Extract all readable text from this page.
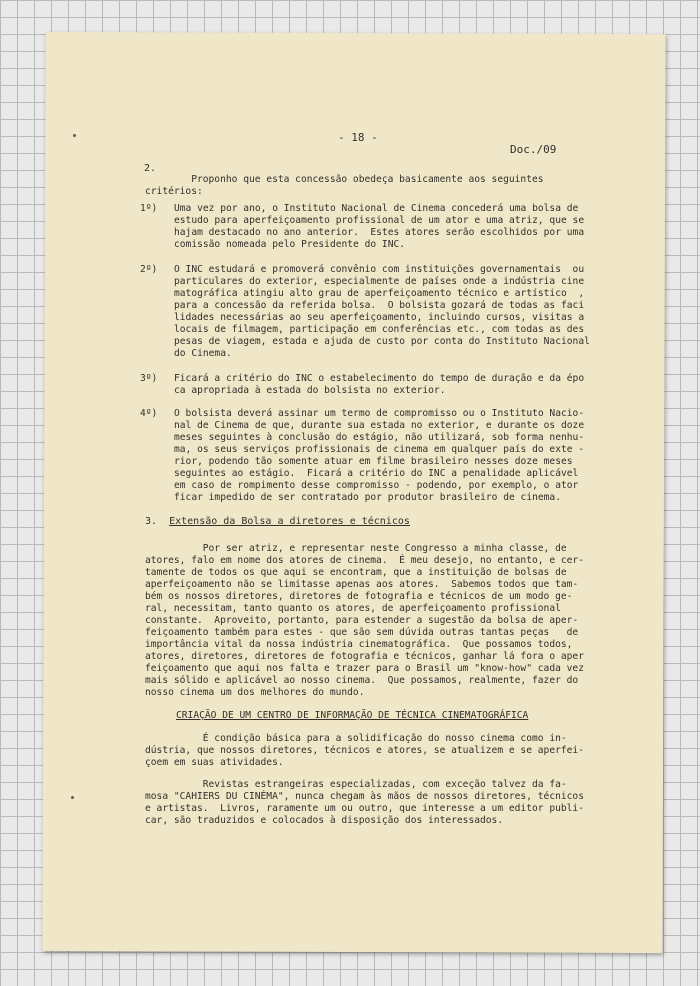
- 18 -
Doc./09
2.
Proponho que esta concessão obedeça basicamente aos seguintes
critérios:
1º) Uma vez por ano, o Instituto Nacional de Cinema concederá uma bolsa de
estudo para aperfeiçoamento profissional de um ator e uma atriz, que se
hajam destacado no ano anterior.  Estes atores serão escolhidos por uma
comissão nomeada pelo Presidente do INC.
2º) O INC estudará e promoverá convênio com instituições governamentais  ou
particulares do exterior, especialmente de países onde a indústria cine
matográfica atingiu alto grau de aperfeiçoamento técnico e artístico  ,
para a concessão da referida bolsa.  O bolsista gozará de todas as faci
lidades necessárias ao seu aperfeiçoamento, incluindo cursos, visitas a
locais de filmagem, participação em conferências etc., com todas as des
pesas de viagem, estada e ajuda de custo por conta do Instituto Nacional
do Cinema.
3º) Ficará a critério do INC o estabelecimento do tempo de duração e da épo
ca apropriada à estada do bolsista no exterior.
4º) O bolsista deverá assinar um termo de compromisso ou o Instituto Nacio-
nal de Cinema de que, durante sua estada no exterior, e durante os doze
meses seguintes à conclusão do estágio, não utilizará, sob forma nenhu-
ma, os seus serviços profissionais de cinema em qualquer país do exte -
rior, podendo tão somente atuar em filme brasileiro nesses doze meses
seguintes ao estágio.  Ficará a critério do INC a penalidade aplicável
em caso de rompimento desse compromisso - podendo, por exemplo, o ator
ficar impedido de ser contratado por produtor brasileiro de cinema.
3. Extensão da Bolsa a diretores e técnicos
Por ser atriz, e representar neste Congresso a minha classe, de
atores, falo em nome dos atores de cinema.  É meu desejo, no entanto, e cer-
tamente de todos os que aqui se encontram, que a instituição de bolsas de
aperfeiçoamento não se limitasse apenas aos atores.  Sabemos todos que tam-
bém os nossos diretores, diretores de fotografia e técnicos de um modo ge-
ral, necessitam, tanto quanto os atores, de aperfeiçoamento profissional
constante.  Aproveito, portanto, para estender a sugestão da bolsa de aper-
feiçoamento também para estes - que são sem dúvida outras tantas peças   de
importância vital da nossa indústria cinematográfica.  Que possamos todos,
atores, diretores, diretores de fotografia e técnicos, ganhar lá fora o aper
feiçoamento que aqui nos falta e trazer para o Brasil um "know-how" cada vez
mais sólido e aplicável ao nosso cinema.  Que possamos, realmente, fazer do
nosso cinema um dos melhores do mundo.
CRIAÇÃO DE UM CENTRO DE INFORMAÇÃO DE TÉCNICA CINEMATOGRÁFICA
É condição básica para a solidificação do nosso cinema como in-
dústria, que nossos diretores, técnicos e atores, se atualizem e se aperfei-
çoem em suas atividades.
Revistas estrangeiras especializadas, com exceção talvez da fa-
mosa "CAHIERS DU CINÉMA", nunca chegam às mãos de nossos diretores, técnicos
e artistas.  Livros, raramente um ou outro, que interesse a um editor publi-
car, são traduzidos e colocados à disposição dos interessados.
